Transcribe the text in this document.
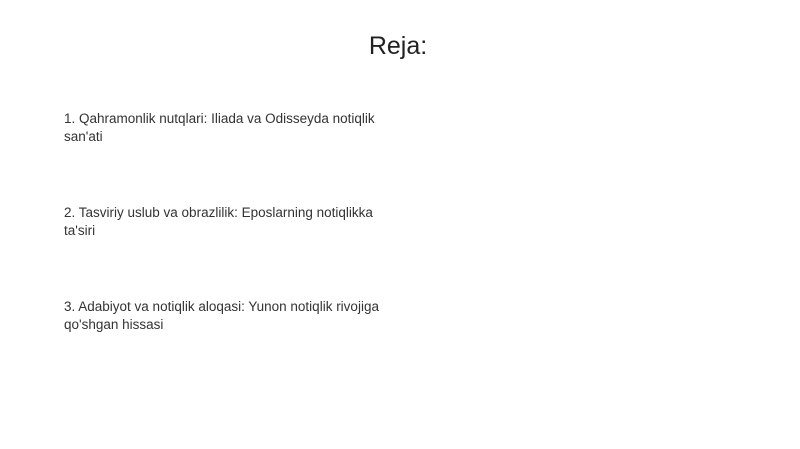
Reja:
1. Qahramonlik nutqlari: Iliada va Odisseyda notiqlik san'ati
2. Tasviriy uslub va obrazlilik: Eposlarning notiqlikka ta'siri
3. Adabiyot va notiqlik aloqasi: Yunon notiqlik rivojiga qo'shgan hissasi
